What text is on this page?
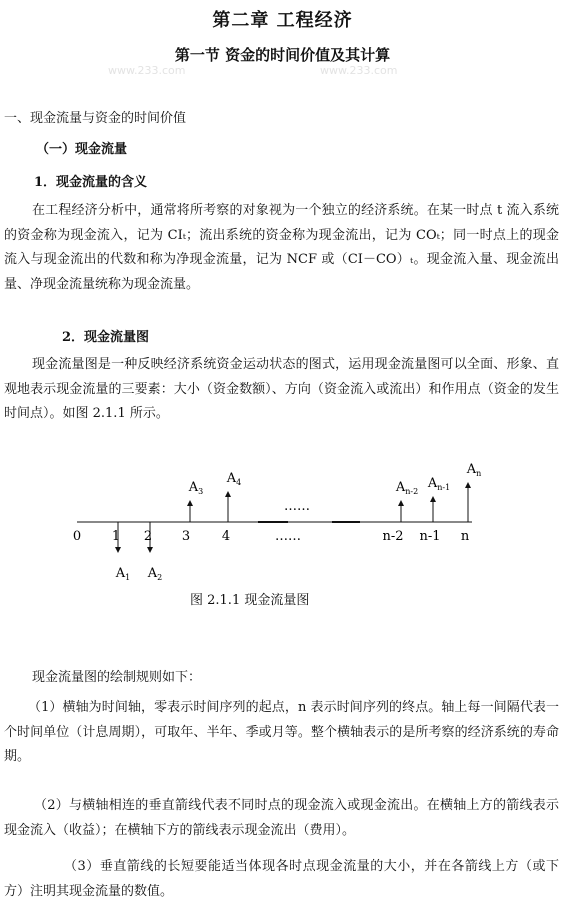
第二章 工程经济
第一节 资金的时间价值及其计算
www.233.com	www.233.com
一、现金流量与资金的时间价值
（一）现金流量
1．现金流量的含义
在工程经济分析中，通常将所考察的对象视为一个独立的经济系统。在某一时点 t 流入系统的资金称为现金流入，记为 CIₜ；流出系统的资金称为现金流出，记为 COₜ；同一时点上的现金流入与现金流出的代数和称为净现金流量，记为 NCF 或（CI－CO）ₜ。现金流入量、现金流出量、净现金流量统称为现金流量。
2．现金流量图
现金流量图是一种反映经济系统资金运动状态的图式，运用现金流量图可以全面、形象、直观地表示现金流量的三要素：大小（资金数额）、方向（资金流入或流出）和作用点（资金的发生时间点）。如图 2.1.1 所示。
$A_1$ $A_2$
$A_3$
$A_4$	$A_{n-2}$
$A_{n-1}$
$A_n$
0 1 2 3 4	……	n-2 n-1 n
……
图 2.1.1 现金流量图
现金流量图的绘制规则如下：
（1）横轴为时间轴，零表示时间序列的起点，n 表示时间序列的终点。轴上每一间隔代表一个时间单位（计息周期），可取年、半年、季或月等。整个横轴表示的是所考察的经济系统的寿命期。
（2）与横轴相连的垂直箭线代表不同时点的现金流入或现金流出。在横轴上方的箭线表示现金流入（收益）；在横轴下方的箭线表示现金流出（费用）。
（3）垂直箭线的长短要能适当体现各时点现金流量的大小，并在各箭线上方（或下方）注明其现金流量的数值。
